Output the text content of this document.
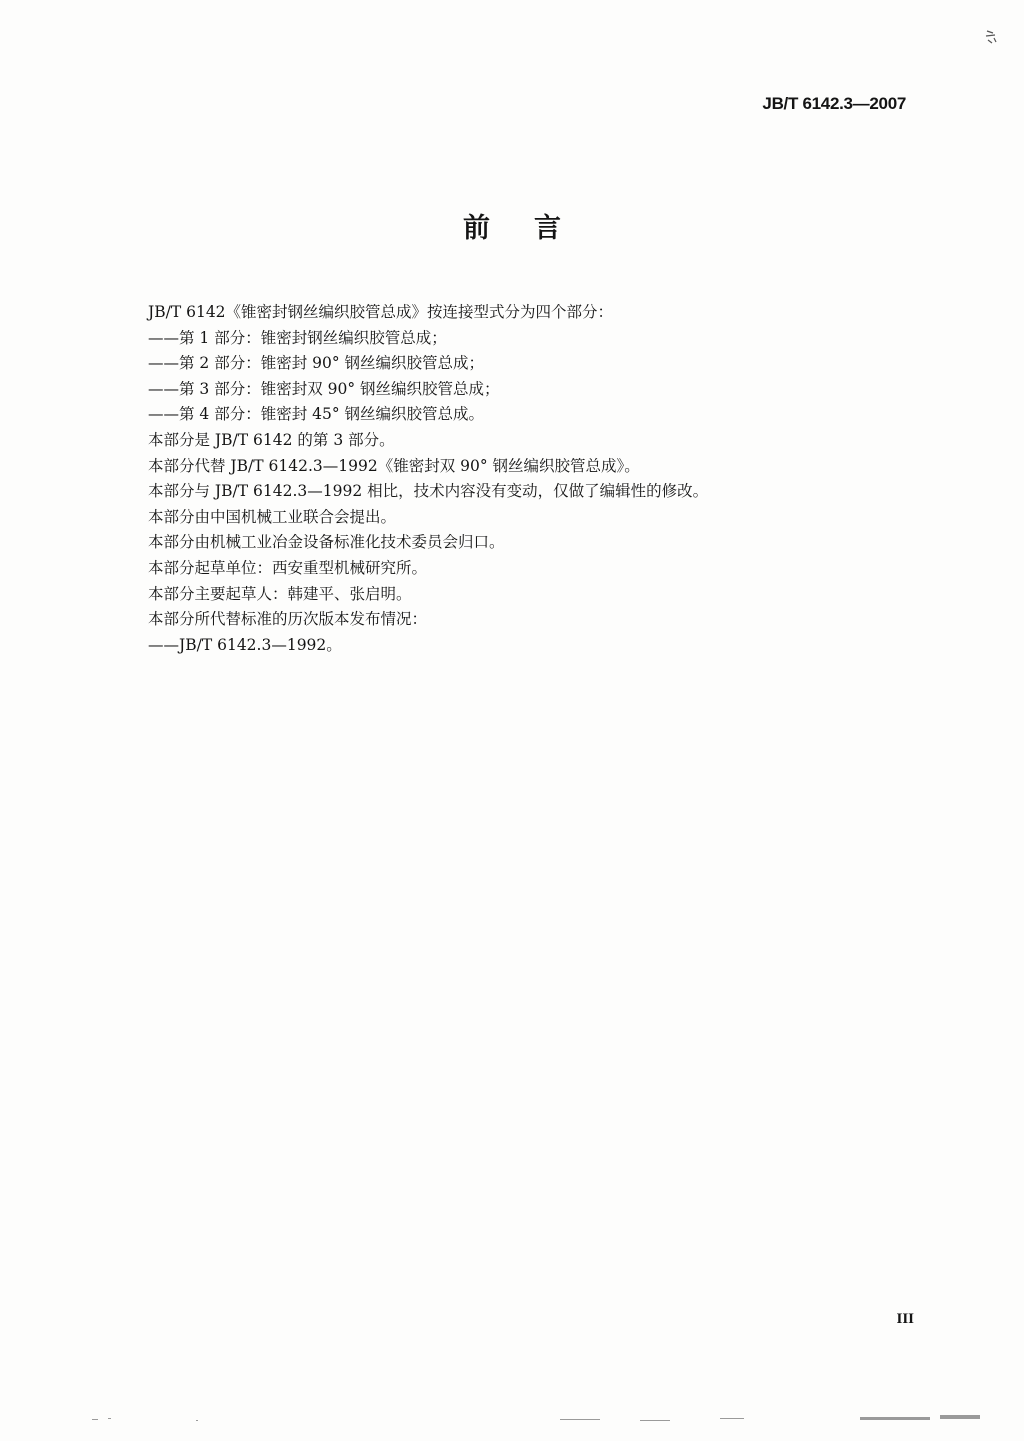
JB/T 6142.3—2007
前言
JB/T 6142《锥密封钢丝编织胶管总成》按连接型式分为四个部分：
——第 1 部分：锥密封钢丝编织胶管总成；
——第 2 部分：锥密封 90° 钢丝编织胶管总成；
——第 3 部分：锥密封双 90° 钢丝编织胶管总成；
——第 4 部分：锥密封 45° 钢丝编织胶管总成。
本部分是 JB/T 6142 的第 3 部分。
本部分代替 JB/T 6142.3—1992《锥密封双 90° 钢丝编织胶管总成》。
本部分与 JB/T 6142.3—1992 相比，技术内容没有变动，仅做了编辑性的修改。
本部分由中国机械工业联合会提出。
本部分由机械工业冶金设备标准化技术委员会归口。
本部分起草单位：西安重型机械研究所。
本部分主要起草人：韩建平、张启明。
本部分所代替标准的历次版本发布情况：
——JB/T 6142.3—1992。
III
